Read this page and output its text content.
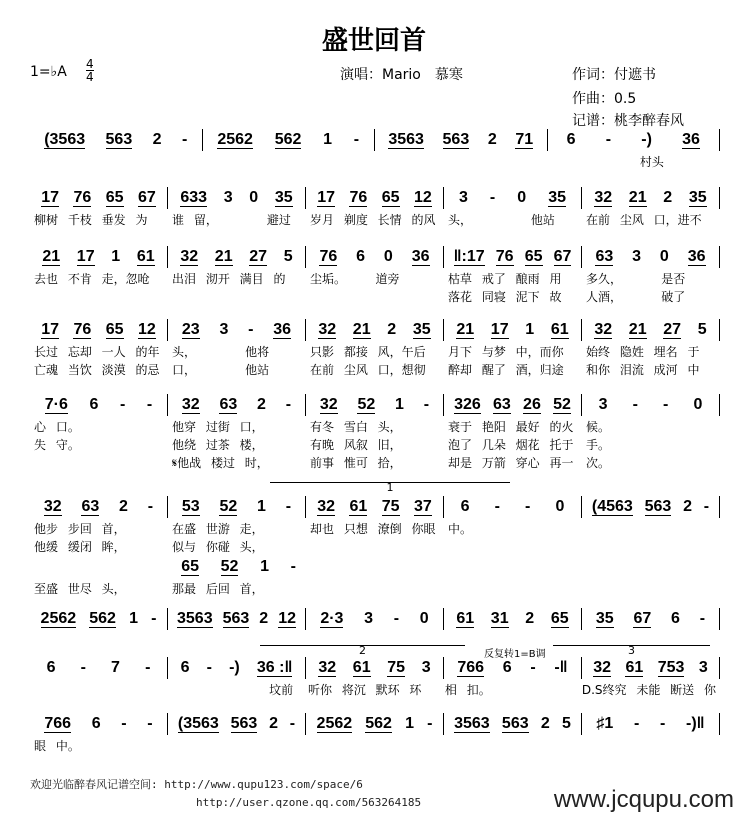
盛世回首
1=♭A 4
4	演唱：Mario　慕寒	作词：付遮书
作曲：0.5
记谱：桃李醉春风
(3563 563 2 - 2562 562 1 - 3563 563 2 71 6 - -) 36
村头
17 76 65 67 633 3 0 35 17 76 65 12 3 - 0 35 32 21 2 35
柳树 千枝 垂发 为	谁 留，     避过	岁月 剃度 长情 的风	头，      他站	在前 尘风 口，进不
21 17 1 61 32 21 27 5 76 6 0 36 ‖:17 76 65 67 63 3 0 36
去也 不肯 走，忽呛	出泪 沏开 满目 的	尘垢。   道旁	枯草 戒了 酿雨 用	多久，    是否
落花 同寝 泥下 故	人酒，    破了
17 76 65 12 23 3 - 36 32 21 2 35 21 17 1 61 32 21 27 5
长过 忘却 一人 的年	头，     他将	只影 都接 风，午后	月下 与梦 中，而你	始终 隐姓 埋名 于
亡魂 当饮 淡漠 的忌	口，     他站	在前 尘风 口，想彻	醉却 醒了 酒，归途	和你 泪流 成河 中
7·6 6 - - 32 63 2 - 32 52 1 - 326 63 26 52 3 - - 0
心 口。	他穿 过街 口，	有冬 雪白 头，	衰于 艳阳 最好 的火	候。
失 守。	他绕 过茶 楼，	有晚 风叙 旧，	泡了 几朵 烟花 托于	手。
𝄋他战 楼过 时，	前事 惟可 拾，	却是 万箭 穿心 再一	次。
32 63 2 - 53 52 1 - 32 61 75 37 6 - - 0 (4563 563 2 -
他步 步回 首，	在盛 世游 走，	却也 只想 潦倒 你眼	中。
他缓 缓闭 眸，	似与 你碰 头，
65 52 1 -
至盛 世尽 头，	那最 后回 首，
2562 562 1 - 3563 563 2 12 2·3 3 - 0 61 31 2 65 35 67 6 -
6 - 7 - 6 - -) 36 :‖ 32 61 75 3 766 6 - -‖ 32 61 753 3
坟前	听你 将沉 默环 环	相 扣。	D.S终究 未能 断送 你
766 6 - - (3563 563 2 - 2562 562 1 - 3563 563 2 5 ♯1 - - -)‖
眼 中。
1
2	反复转1=B调	3
欢迎光临醉春风记谱空间: http://www.qupu123.com/space/6
http://user.qzone.qq.com/563264185	www.jcqupu.com
